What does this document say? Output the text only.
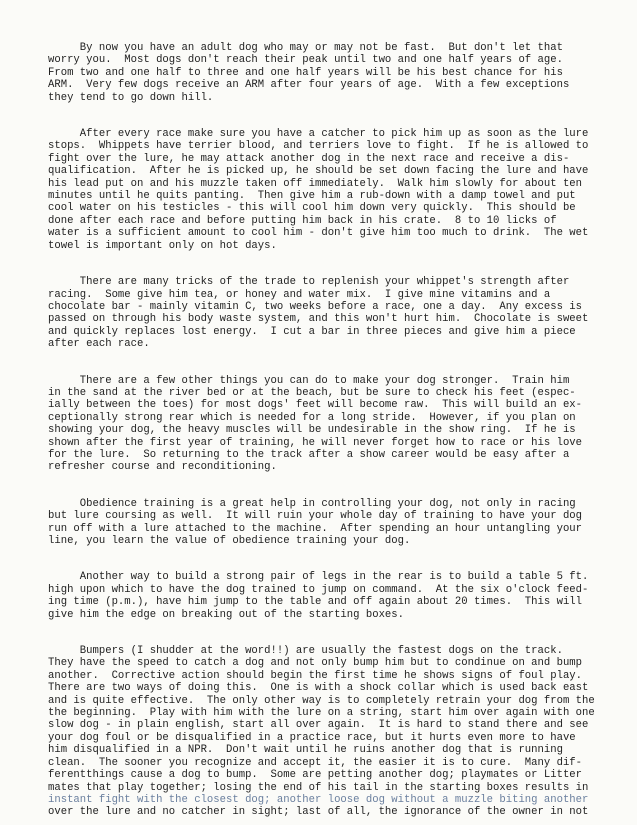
By now you have an adult dog who may or may not be fast.  But don't let that
worry you.  Most dogs don't reach their peak until two and one half years of age.
From two and one half to three and one half years will be his best chance for his
ARM.  Very few dogs receive an ARM after four years of age.  With a few exceptions
they tend to go down hill.
After every race make sure you have a catcher to pick him up as soon as the lure
stops.  Whippets have terrier blood, and terriers love to fight.  If he is allowed to
fight over the lure, he may attack another dog in the next race and receive a dis-
qualification.  After he is picked up, he should be set down facing the lure and have
his lead put on and his muzzle taken off immediately.  Walk him slowly for about ten
minutes until he quits panting.  Then give him a rub-down with a damp towel and put
cool water on his testicles - this will cool him down very quickly.  This should be
done after each race and before putting him back in his crate.  8 to 10 licks of
water is a sufficient amount to cool him - don't give him too much to drink.  The wet
towel is important only on hot days.
There are many tricks of the trade to replenish your whippet's strength after
racing.  Some give him tea, or honey and water mix.  I give mine vitamins and a
chocolate bar - mainly vitamin C, two weeks before a race, one a day.  Any excess is
passed on through his body waste system, and this won't hurt him.  Chocolate is sweet
and quickly replaces lost energy.  I cut a bar in three pieces and give him a piece
after each race.
There are a few other things you can do to make your dog stronger.  Train him
in the sand at the river bed or at the beach, but be sure to check his feet (espec-
ially between the toes) for most dogs' feet will become raw.  This will build an ex-
ceptionally strong rear which is needed for a long stride.  However, if you plan on
showing your dog, the heavy muscles will be undesirable in the show ring.  If he is
shown after the first year of training, he will never forget how to race or his love
for the lure.  So returning to the track after a show career would be easy after a
refresher course and reconditioning.
Obedience training is a great help in controlling your dog, not only in racing
but lure coursing as well.  It will ruin your whole day of training to have your dog
run off with a lure attached to the machine.  After spending an hour untangling your
line, you learn the value of obedience training your dog.
Another way to build a strong pair of legs in the rear is to build a table 5 ft.
high upon which to have the dog trained to jump on command.  At the six o'clock feed-
ing time (p.m.), have him jump to the table and off again about 20 times.  This will
give him the edge on breaking out of the starting boxes.
Bumpers (I shudder at the word!!) are usually the fastest dogs on the track.
They have the speed to catch a dog and not only bump him but to condinue on and bump
another.  Corrective action should begin the first time he shows signs of foul play.
There are two ways of doing this.  One is with a shock collar which is used back east
and is quite effective.  The only other way is to completely retrain your dog from the
the beginning.  Play with him with the lure on a string, start him over again with one
slow dog - in plain english, start all over again.  It is hard to stand there and see
your dog foul or be disqualified in a practice race, but it hurts even more to have
him disqualified in a NPR.  Don't wait until he ruins another dog that is running
clean.  The sooner you recognize and accept it, the easier it is to cure.  Many dif-
ferentthings cause a dog to bump.  Some are petting another dog; playmates or Litter
mates that play together; losing the end of his tail in the starting boxes results in
instant fight with the closest dog; another loose dog without a muzzle biting another
over the lure and no catcher in sight; last of all, the ignorance of the owner in not
